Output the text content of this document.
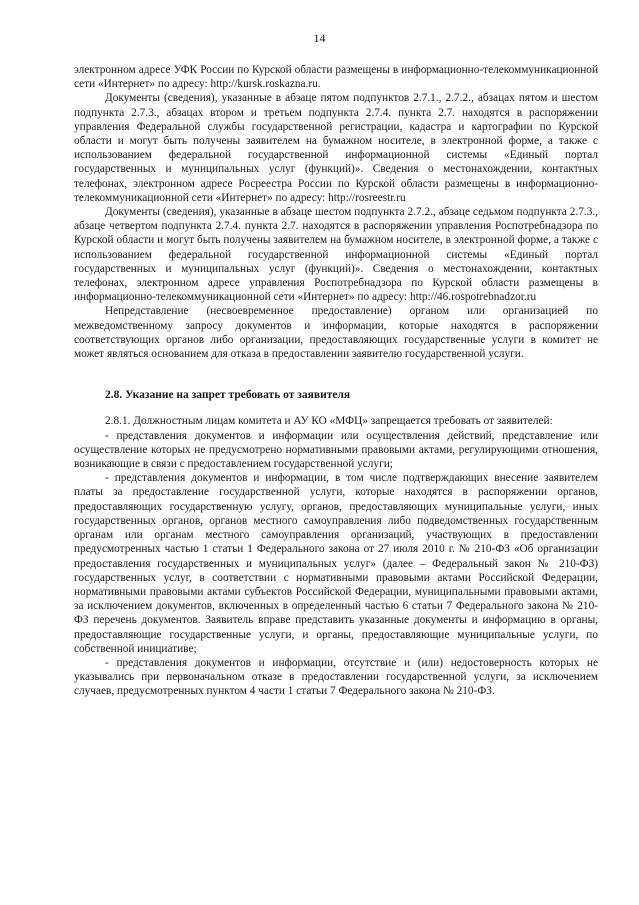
14

электронном адресе УФК России по Курской области размещены в информационно-телекоммуникационной сети «Интернет» по адресу: http://kursk.roskazna.ru.

Документы (сведения), указанные в абзаце пятом подпунктов 2.7.1., 2.7.2., абзацах пятом и шестом подпункта 2.7.3., абзацах втором и третьем подпункта 2.7.4. пункта 2.7. находятся в распоряжении управления Федеральной службы государственной регистрации, кадастра и картографии по Курской области и могут быть получены заявителем на бумажном носителе, в электронной форме, а также с использованием федеральной государственной информационной системы «Единый портал государственных и муниципальных услуг (функций)». Сведения о местонахождении, контактных телефонах, электронном адресе Росреестра России по Курской области размещены в информационно-телекоммуникационной сети «Интернет» по адресу: http://rosreestr.ru

Документы (сведения), указанные в абзаце шестом подпункта 2.7.2., абзаце седьмом подпункта 2.7.3., абзаце четвертом подпункта 2.7.4. пункта 2.7. находятся в распоряжении управления Роспотребнадзора по Курской области и могут быть получены заявителем на бумажном носителе, в электронной форме, а также с использованием федеральной государственной информационной системы «Единый портал государственных и муниципальных услуг (функций)». Сведения о местонахождении, контактных телефонах, электронном адресе управления Роспотребнадзора по Курской области размещены в информационно-телекоммуникационной сети «Интернет» по адресу: http://46.rospotrebnadzor.ru

Непредставление (несвоевременное предоставление) органом или организацией по межведомственному запросу документов и информации, которые находятся в распоряжении соответствующих органов либо организации, предоставляющих государственные услуги в комитет не может являться основанием для отказа в предоставлении заявителю государственной услуги.

2.8. Указание на запрет требовать от заявителя

2.8.1. Должностным лицам комитета и АУ КО «МФЦ» запрещается требовать от заявителей:

- представления документов и информации или осуществления действий, представление или осуществление которых не предусмотрено нормативными правовыми актами, регулирующими отношения, возникающие в связи с предоставлением государственной услуги;

- представления документов и информации, в том числе подтверждающих внесение заявителем платы за предоставление государственной услуги, которые находятся в распоряжении органов, предоставляющих государственную услугу, органов, предоставляющих муниципальные услуги, иных государственных органов, органов местного самоуправления либо подведомственных государственным органам или органам местного самоуправления организаций, участвующих в предоставлении предусмотренных частью 1 статьи 1 Федерального закона от 27 июля 2010 г. № 210-ФЗ «Об организации предоставления государственных и муниципальных услуг» (далее – Федеральный закон № 210-ФЗ) государственных услуг, в соответствии с нормативными правовыми актами Российской Федерации, нормативными правовыми актами субъектов Российской Федерации, муниципальными правовыми актами, за исключением документов, включенных в определенный частью 6 статьи 7 Федерального закона № 210-ФЗ перечень документов. Заявитель вправе представить указанные документы и информацию в органы, предоставляющие государственные услуги, и органы, предоставляющие муниципальные услуги, по собственной инициативе;

- представления документов и информации, отсутствие и (или) недостоверность которых не указывались при первоначальном отказе в предоставлении государственной услуги, за исключением случаев, предусмотренных пунктом 4 части 1 статьи 7 Федерального закона № 210-ФЗ.
